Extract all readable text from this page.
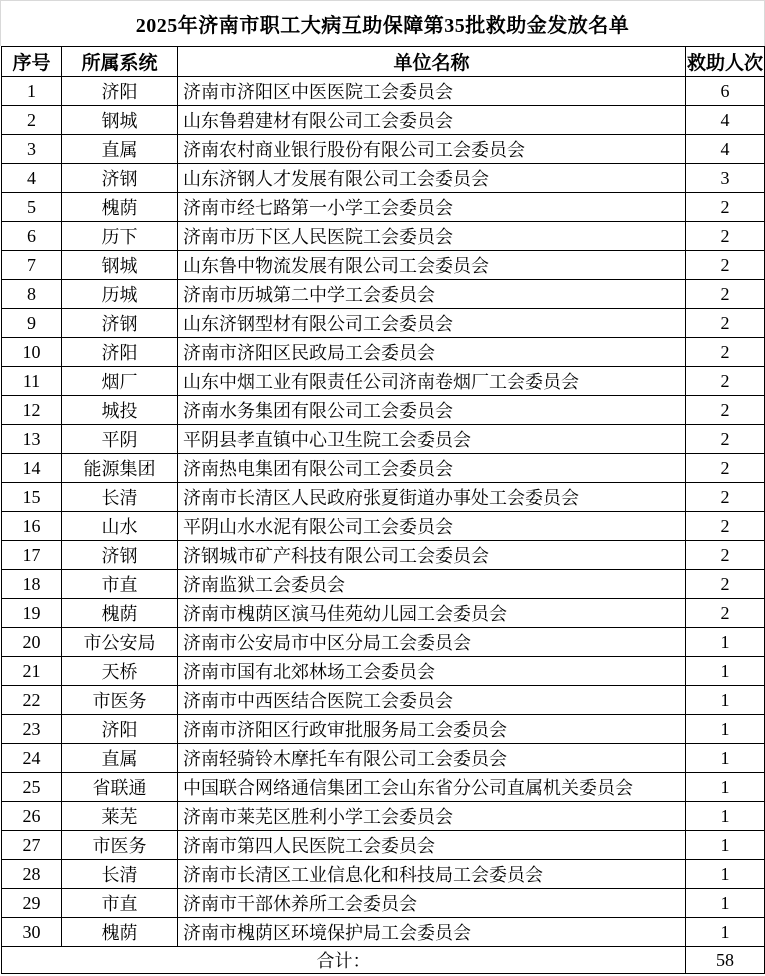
2025年济南市职工大病互助保障第35批救助金发放名单
序号	所属系统	单位名称	救助人次
1	济阳	济南市济阳区中医医院工会委员会	6
2	钢城	山东鲁碧建材有限公司工会委员会	4
3	直属	济南农村商业银行股份有限公司工会委员会	4
4	济钢	山东济钢人才发展有限公司工会委员会	3
5	槐荫	济南市经七路第一小学工会委员会	2
6	历下	济南市历下区人民医院工会委员会	2
7	钢城	山东鲁中物流发展有限公司工会委员会	2
8	历城	济南市历城第二中学工会委员会	2
9	济钢	山东济钢型材有限公司工会委员会	2
10	济阳	济南市济阳区民政局工会委员会	2
11	烟厂	山东中烟工业有限责任公司济南卷烟厂工会委员会	2
12	城投	济南水务集团有限公司工会委员会	2
13	平阴	平阴县孝直镇中心卫生院工会委员会	2
14	能源集团	济南热电集团有限公司工会委员会	2
15	长清	济南市长清区人民政府张夏街道办事处工会委员会	2
16	山水	平阴山水水泥有限公司工会委员会	2
17	济钢	济钢城市矿产科技有限公司工会委员会	2
18	市直	济南监狱工会委员会	2
19	槐荫	济南市槐荫区演马佳苑幼儿园工会委员会	2
20	市公安局	济南市公安局市中区分局工会委员会	1
21	天桥	济南市国有北郊林场工会委员会	1
22	市医务	济南市中西医结合医院工会委员会	1
23	济阳	济南市济阳区行政审批服务局工会委员会	1
24	直属	济南轻骑铃木摩托车有限公司工会委员会	1
25	省联通	中国联合网络通信集团工会山东省分公司直属机关委员会	1
26	莱芜	济南市莱芜区胜利小学工会委员会	1
27	市医务	济南市第四人民医院工会委员会	1
28	长清	济南市长清区工业信息化和科技局工会委员会	1
29	市直	济南市干部休养所工会委员会	1
30	槐荫	济南市槐荫区环境保护局工会委员会	1
合计：			58
